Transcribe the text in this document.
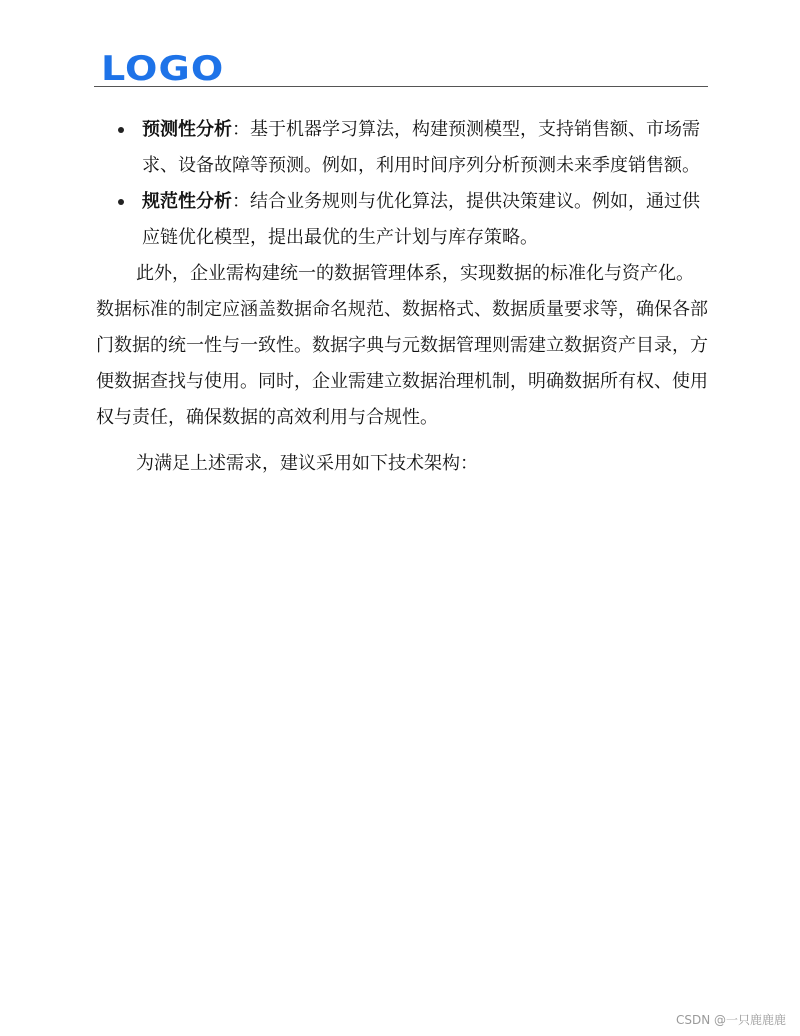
LOGO
预测性分析：基于机器学习算法，构建预测模型，支持销售额、市场需求、设备故障等预测。例如，利用时间序列分析预测未来季度销售额。
规范性分析：结合业务规则与优化算法，提供决策建议。例如，通过供应链优化模型，提出最优的生产计划与库存策略。

此外，企业需构建统一的数据管理体系，实现数据的标准化与资产化。数据标准的制定应涵盖数据命名规范、数据格式、数据质量要求等，确保各部门数据的统一性与一致性。数据字典与元数据管理则需建立数据资产目录，方便数据查找与使用。同时，企业需建立数据治理机制，明确数据所有权、使用权与责任，确保数据的高效利用与合规性。

为满足上述需求，建议采用如下技术架构：

CSDN @一只鹿鹿鹿
